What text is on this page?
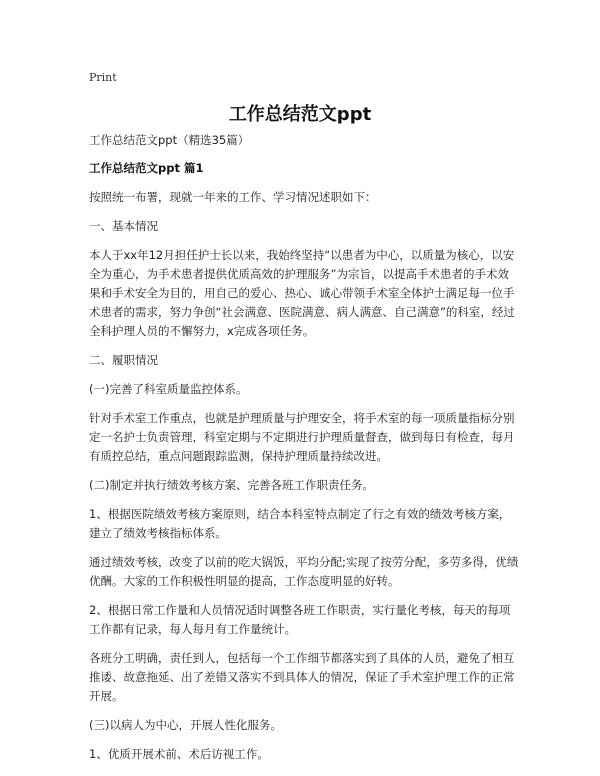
Print
工作总结范文ppt

工作总结范文ppt（精选35篇）

工作总结范文ppt 篇1

按照统一布署，现就一年来的工作、学习情况述职如下：

一、基本情况

本人于xx年12月担任护士长以来，我始终坚持“以患者为中心，以质量为核心，以安全为重心，为手术患者提供优质高效的护理服务”为宗旨，以提高手术患者的手术效果和手术安全为目的，用自己的爱心、热心、诚心带领手术室全体护士满足每一位手术患者的需求，努力争创“社会满意、医院满意、病人满意、自己满意”的科室，经过全科护理人员的不懈努力，x完成各项任务。

二、履职情况

(一)完善了科室质量监控体系。

针对手术室工作重点，也就是护理质量与护理安全，将手术室的每一项质量指标分别定一名护士负责管理，科室定期与不定期进行护理质量督查，做到每日有检查，每月有质控总结，重点问题跟踪监测，保持护理质量持续改进。

(二)制定并执行绩效考核方案、完善各班工作职责任务。

1、根据医院绩效考核方案原则，结合本科室特点制定了行之有效的绩效考核方案，建立了绩效考核指标体系。

通过绩效考核，改变了以前的吃大锅饭，平均分配;实现了按劳分配，多劳多得，优绩优酬。大家的工作积极性明显的提高，工作态度明显的好转。

2、根据日常工作量和人员情况适时调整各班工作职责，实行量化考核，每天的每项工作都有记录，每人每月有工作量统计。

各班分工明确，责任到人，包括每一个工作细节都落实到了具体的人员，避免了相互推诿、故意拖延、出了差错又落实不到具体人的情况，保证了手术室护理工作的正常开展。

(三)以病人为中心，开展人性化服务。

1、优质开展术前、术后访视工作。
